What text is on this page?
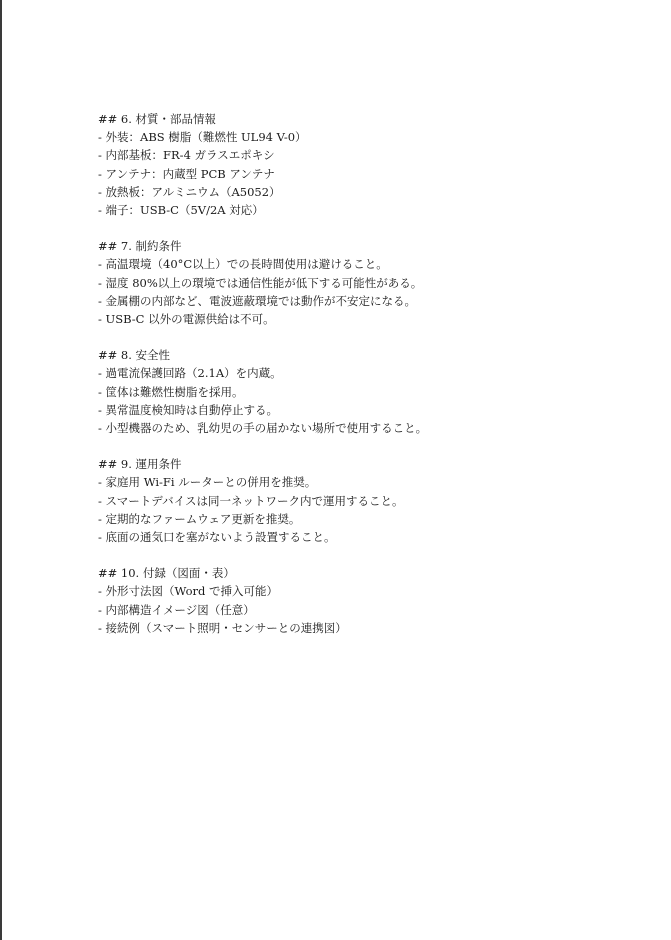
## 6. 材質・部品情報
- 外装：ABS 樹脂（難燃性 UL94 V-0）
- 内部基板：FR-4 ガラスエポキシ
- アンテナ：内蔵型 PCB アンテナ
- 放熱板：アルミニウム（A5052）
- 端子：USB-C（5V/2A 対応）
## 7. 制約条件
- 高温環境（40°C以上）での長時間使用は避けること。
- 湿度 80%以上の環境では通信性能が低下する可能性がある。
- 金属棚の内部など、電波遮蔽環境では動作が不安定になる。
- USB-C 以外の電源供給は不可。
## 8. 安全性
- 過電流保護回路（2.1A）を内蔵。
- 筐体は難燃性樹脂を採用。
- 異常温度検知時は自動停止する。
- 小型機器のため、乳幼児の手の届かない場所で使用すること。
## 9. 運用条件
- 家庭用 Wi-Fi ルーターとの併用を推奨。
- スマートデバイスは同一ネットワーク内で運用すること。
- 定期的なファームウェア更新を推奨。
- 底面の通気口を塞がないよう設置すること。
## 10. 付録（図面・表）
- 外形寸法図（Word で挿入可能）
- 内部構造イメージ図（任意）
- 接続例（スマート照明・センサーとの連携図）
